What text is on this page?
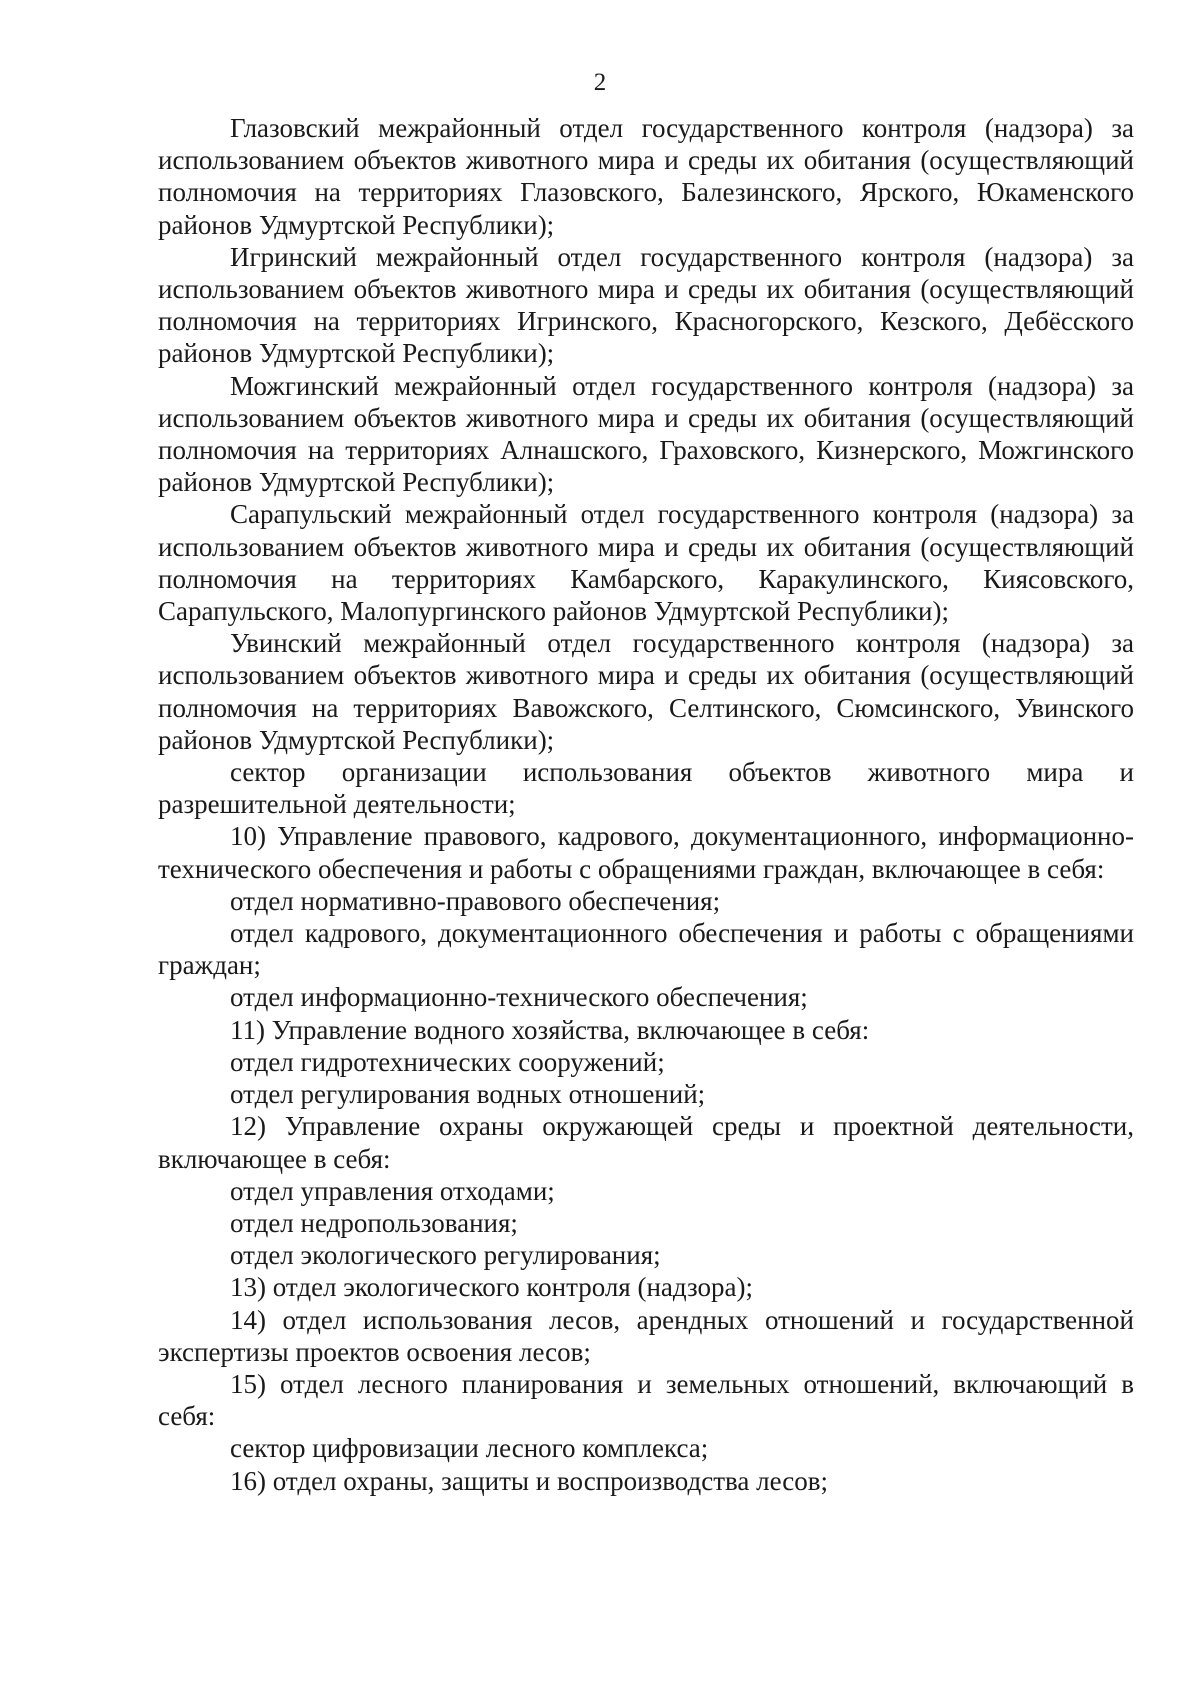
2

Глазовский межрайонный отдел государственного контроля (надзора) за использованием объектов животного мира и среды их обитания (осуществляющий полномочия на территориях Глазовского, Балезинского, Ярского, Юкаменского районов Удмуртской Республики);

Игринский межрайонный отдел государственного контроля (надзора) за использованием объектов животного мира и среды их обитания (осуществляющий полномочия на территориях Игринского, Красногорского, Кезского, Дебёсского районов Удмуртской Республики);

Можгинский межрайонный отдел государственного контроля (надзора) за использованием объектов животного мира и среды их обитания (осуществляющий полномочия на территориях Алнашского, Граховского, Кизнерского, Можгинского районов Удмуртской Республики);

Сарапульский межрайонный отдел государственного контроля (надзора) за использованием объектов животного мира и среды их обитания (осуществляющий полномочия на территориях Камбарского, Каракулинского, Киясовского, Сарапульского, Малопургинского районов Удмуртской Республики);

Увинский межрайонный отдел государственного контроля (надзора) за использованием объектов животного мира и среды их обитания (осуществляющий полномочия на территориях Вавожского, Селтинского, Сюмсинского, Увинского районов Удмуртской Республики);

сектор организации использования объектов животного мира и разрешительной деятельности;

10) Управление правового, кадрового, документационного, информационно-технического обеспечения и работы с обращениями граждан, включающее в себя:

отдел нормативно-правового обеспечения;

отдел кадрового, документационного обеспечения и работы с обращениями граждан;

отдел информационно-технического обеспечения;

11) Управление водного хозяйства, включающее в себя:

отдел гидротехнических сооружений;

отдел регулирования водных отношений;

12) Управление охраны окружающей среды и проектной деятельности, включающее в себя:

отдел управления отходами;

отдел недропользования;

отдел экологического регулирования;

13) отдел экологического контроля (надзора);

14) отдел использования лесов, арендных отношений и государственной экспертизы проектов освоения лесов;

15) отдел лесного планирования и земельных отношений, включающий в себя:

сектор цифровизации лесного комплекса;

16) отдел охраны, защиты и воспроизводства лесов;
